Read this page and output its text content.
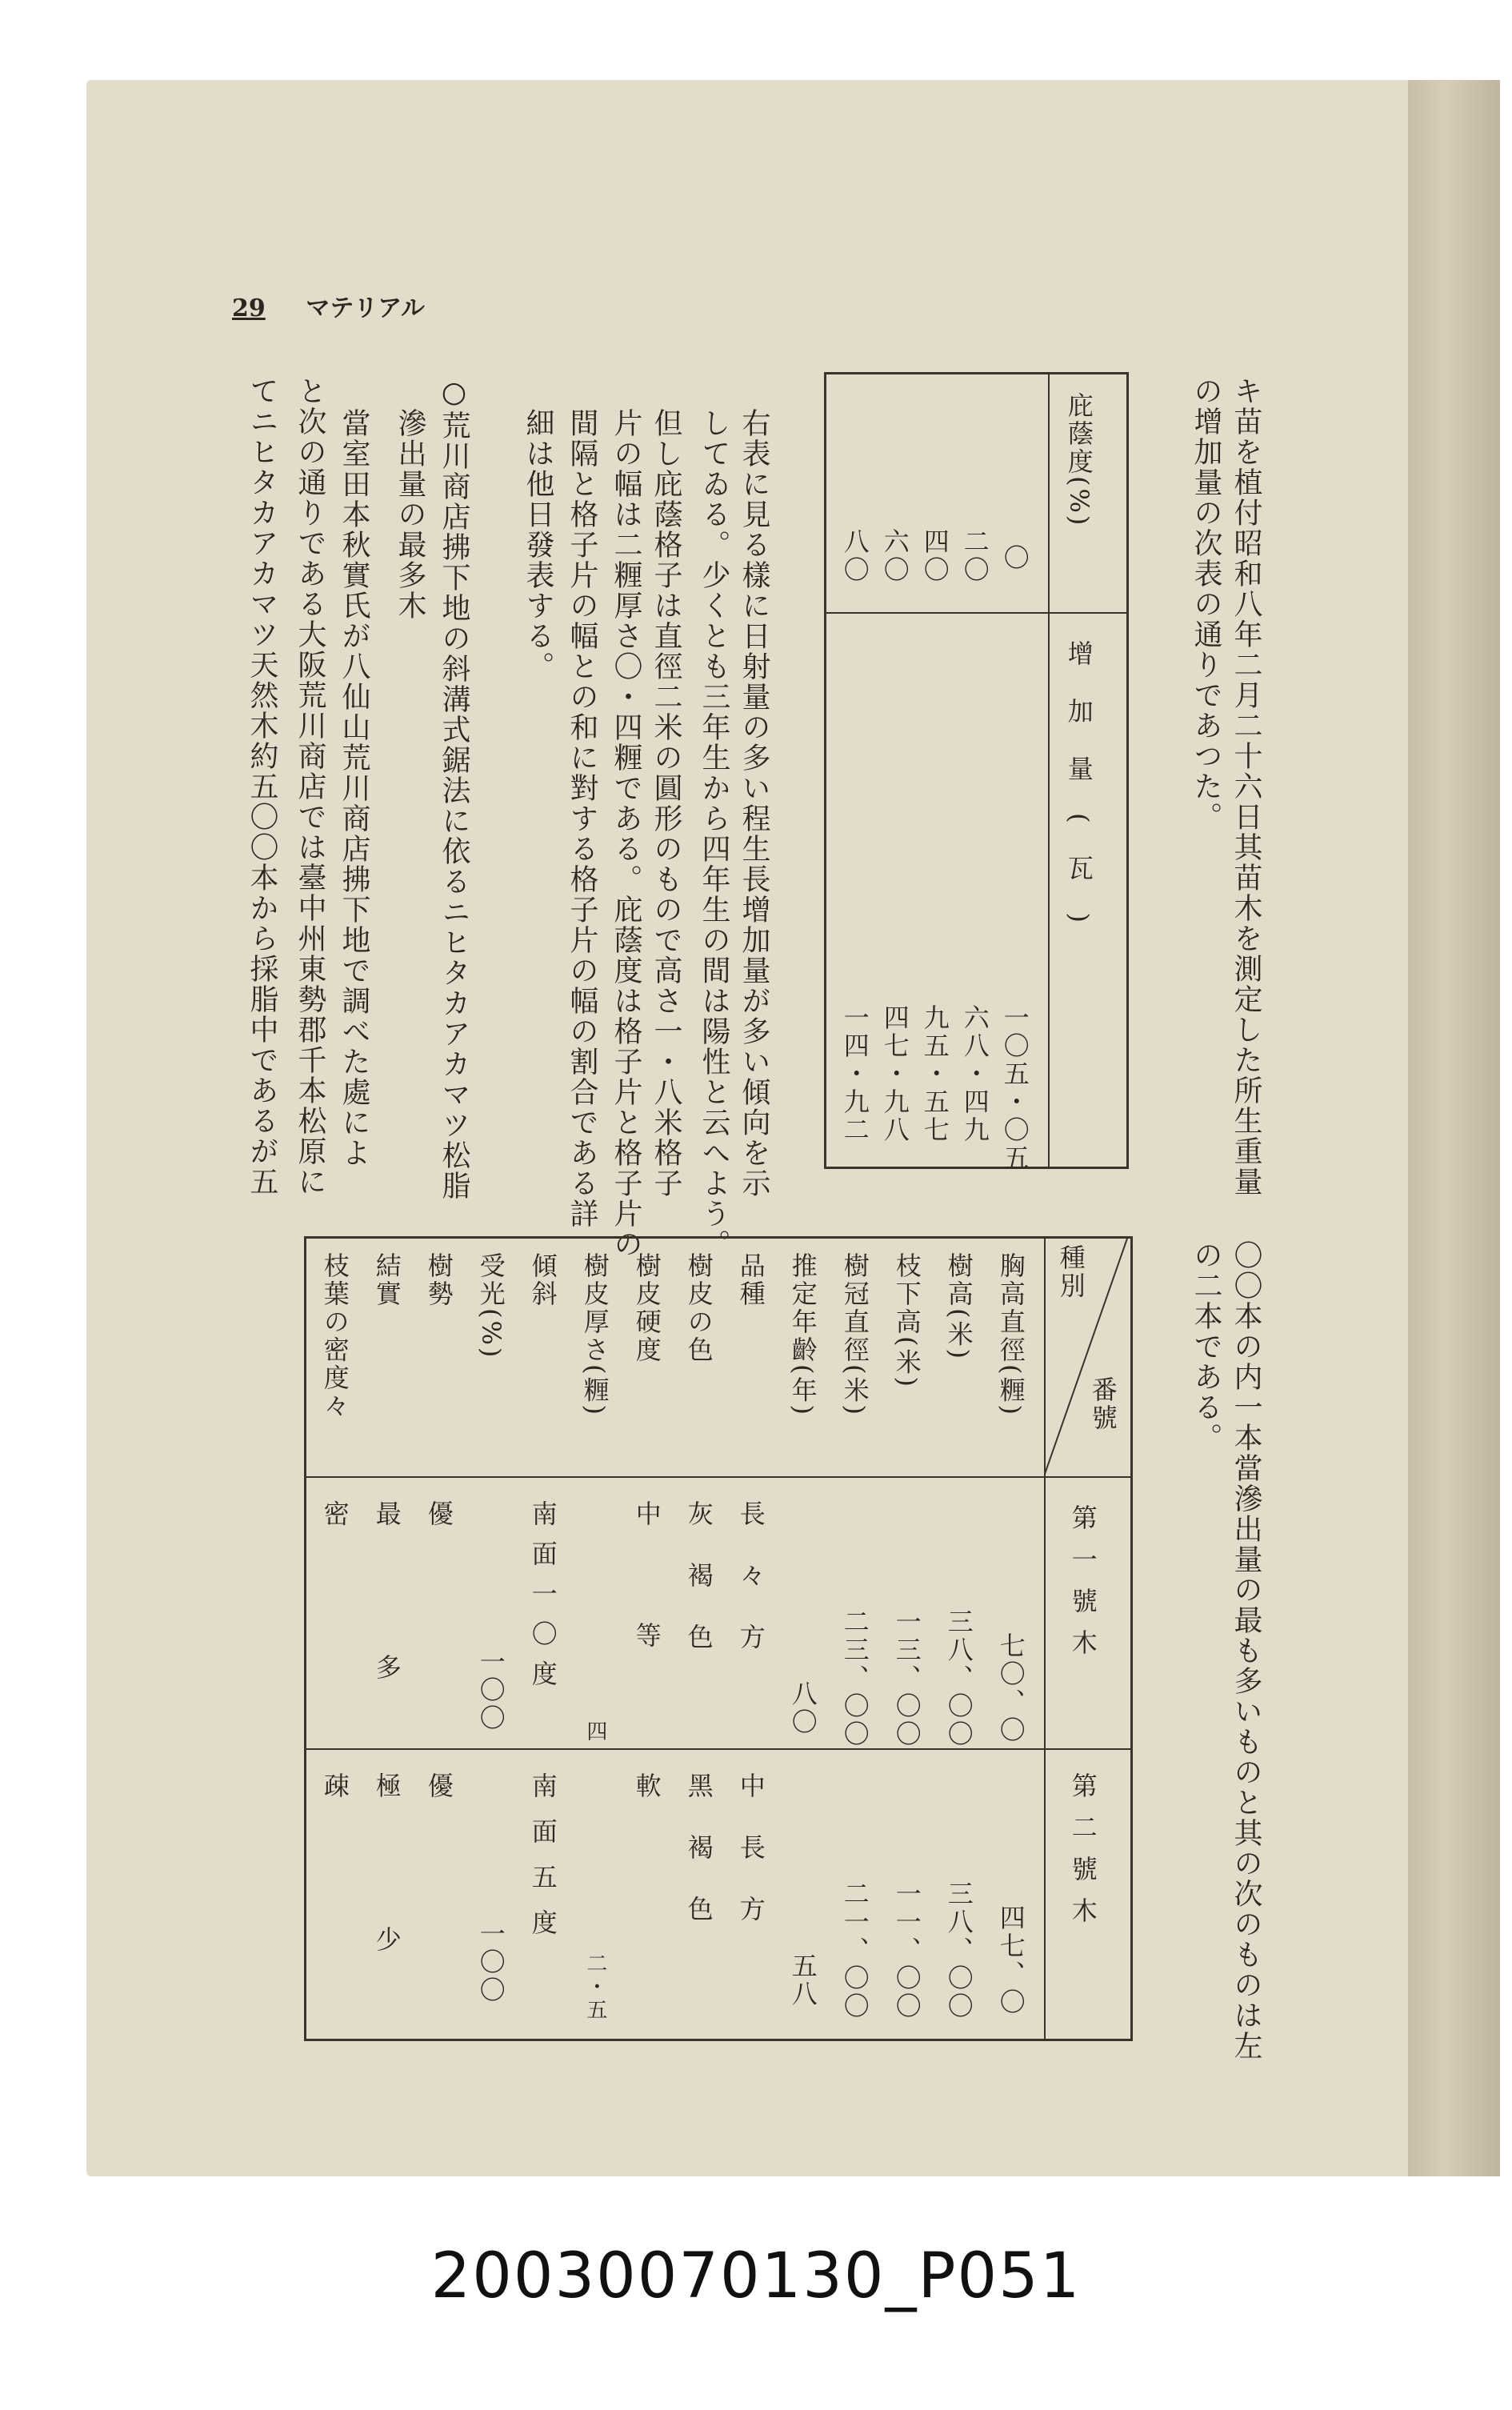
29 マテリアル
キ苗を植付昭和八年二月二十六日其苗木を測定した所生重量
の增加量の次表の通りであつた。
庇蔭度(%)
增加量(瓦)
〇
二〇
四〇
六〇
八〇
一〇五・〇五
六八・四九
九五・五七
四七・九八
一四・九二
右表に見る樣に日射量の多い程生長增加量が多い傾向を示
してゐる。少くとも三年生から四年生の間は陽性と云へよう。
但し庇蔭格子は直徑二米の圓形のもので高さ一・八米格子
片の幅は二糎厚さ〇・四糎である。庇蔭度は格子片と格子片の
間隔と格子片の幅との和に對する格子片の幅の割合である詳
細は他日發表する。
○荒川商店拂下地の斜溝式鋸法に依るニヒタカアカマツ松脂
滲出量の最多木
當室田本秋實氏が八仙山荒川商店拂下地で調べた處によ
と次の通りである大阪荒川商店では臺中州東勢郡千本松原に
てニヒタカアカマツ天然木約五〇〇本から採脂中であるが五
〇〇本の内一本當滲出量の最も多いものと其の次のものは左
の二本である。
種別
番號
第一號木
第二號木
胸高直徑(糎)
樹高(米)
枝下高(米)
樹冠直徑(米)
推定年齡(年)
品種
樹皮の色
樹皮硬度
樹皮厚さ(糎)
傾斜
受光(%)
樹勢
結實
枝葉の密度々
七〇、〇
三八、〇〇
一三、〇〇
二三、〇〇
八〇
長々方
灰褐色
中等
四
南面一〇度
一〇〇
優
最多
密
四七、〇
三八、〇〇
一一、〇〇
二一、〇〇
五八
中長方
黑褐色
軟
二・五
南面五度
一〇〇
優
極少
疎
20030070130_P051
